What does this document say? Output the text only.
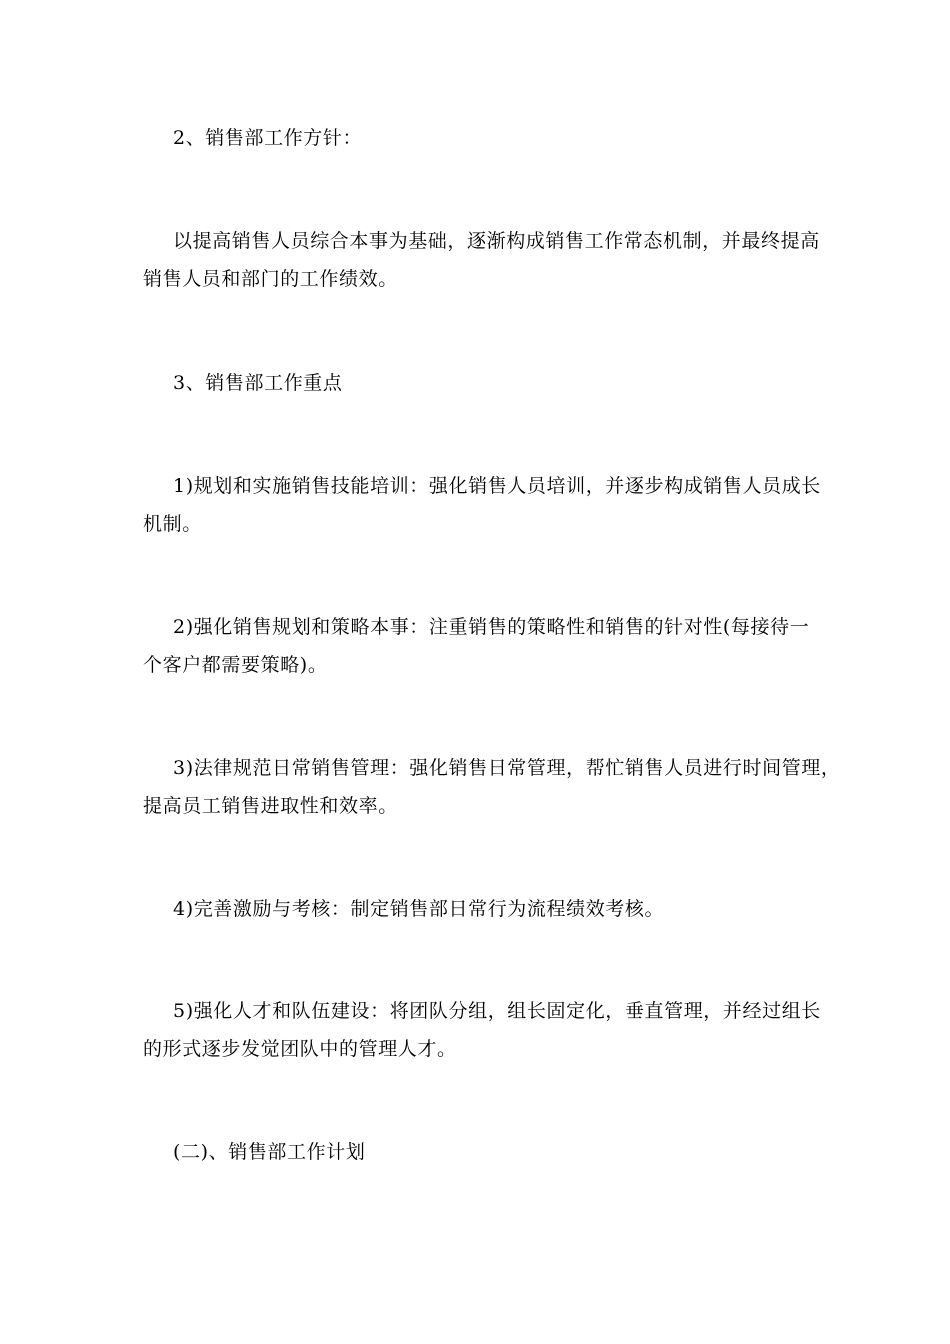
2、销售部工作方针：
以提高销售人员综合本事为基础，逐渐构成销售工作常态机制，并最终提高
销售人员和部门的工作绩效。
3、销售部工作重点
1)规划和实施销售技能培训：强化销售人员培训，并逐步构成销售人员成长
机制。
2)强化销售规划和策略本事：注重销售的策略性和销售的针对性(每接待一
个客户都需要策略)。
3)法律规范日常销售管理：强化销售日常管理，帮忙销售人员进行时间管理，
提高员工销售进取性和效率。
4)完善激励与考核：制定销售部日常行为流程绩效考核。
5)强化人才和队伍建设：将团队分组，组长固定化，垂直管理，并经过组长
的形式逐步发觉团队中的管理人才。
(二)、销售部工作计划
